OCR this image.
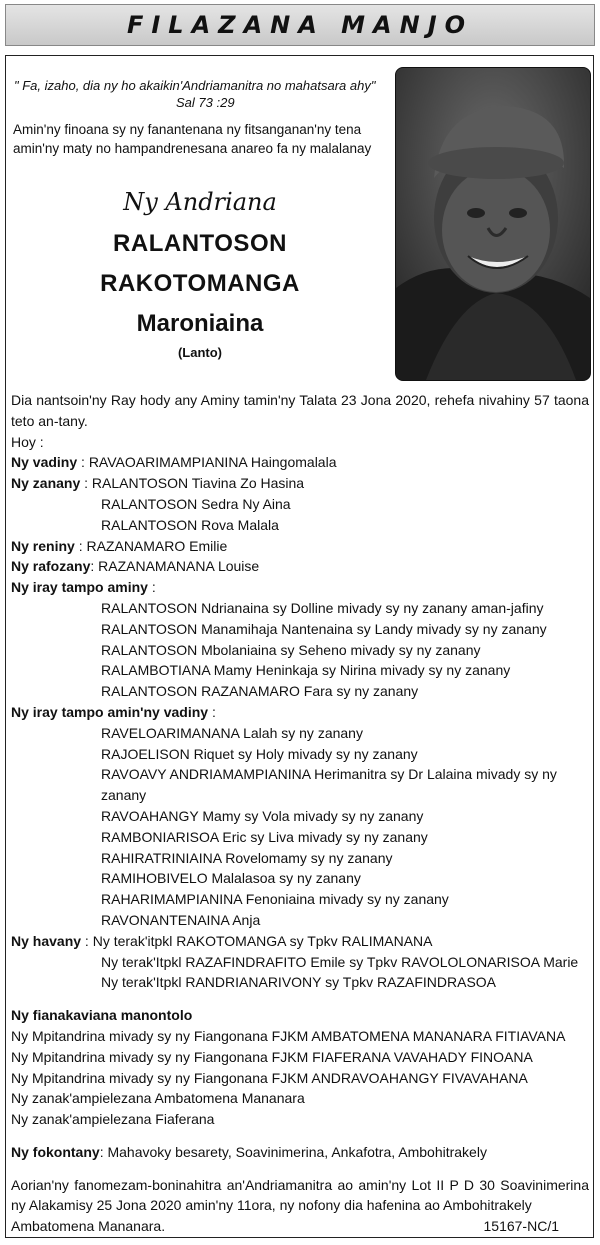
FILAZANA MANJO
" Fa, izaho, dia ny ho akaikin'Andriamanitra no mahatsara ahy"
Sal 73 :29
Amin'ny finoana sy ny fanantenana ny fitsanganan'ny tena amin'ny maty no hampandrenesana anareo fa ny malalanay
Ny Andriana
RALANTOSON
RAKOTOMANGA
Maroniaina
(Lanto)

Dia nantsoin'ny Ray hody any Aminy tamin'ny Talata 23 Jona 2020, rehefa nivahiny 57 taona teto an-tany.

Hoy :

Ny vadiny : RAVAOARIMAMPIANINA Haingomalala

Ny zanany : RALANTOSON Tiavina Zo Hasina

RALANTOSON Sedra Ny Aina

RALANTOSON Rova Malala

Ny reniny : RAZANAMARO Emilie

Ny rafozany: RAZANAMANANA Louise

Ny iray tampo aminy :

RALANTOSON Ndrianaina sy Dolline mivady sy ny zanany aman-jafiny

RALANTOSON Manamihaja Nantenaina sy Landy mivady sy ny zanany

RALANTOSON Mbolaniaina sy Seheno mivady sy ny zanany

RALAMBOTIANA Mamy Heninkaja sy Nirina mivady sy ny zanany

RALANTOSON RAZANAMARO Fara sy ny zanany

Ny iray tampo amin'ny vadiny :

RAVELOARIMANANA Lalah sy ny zanany

RAJOELISON Riquet sy Holy mivady sy ny zanany

RAVOAVY ANDRIAMAMPIANINA Herimanitra sy Dr Lalaina mivady sy ny zanany

RAVOAHANGY Mamy sy Vola mivady sy ny zanany

RAMBONIARISOA Eric sy Liva mivady sy ny zanany

RAHIRATRINIAINA Rovelomamy sy ny zanany

RAMIHOBIVELO Malalasoa sy ny zanany

RAHARIMAMPIANINA Fenoniaina mivady sy ny zanany

RAVONANTENAINA Anja

Ny havany : Ny terak'itpkl RAKOTOMANGA sy Tpkv RALIMANANA

Ny terak'Itpkl RAZAFINDRAFITO Emile sy Tpkv RAVOLOLONARISOA Marie

Ny terak'Itpkl RANDRIANARIVONY sy Tpkv RAZAFINDRASOA

Ny fianakaviana manontolo

Ny Mpitandrina mivady sy ny Fiangonana FJKM AMBATOMENA MANANARA FITIAVANA

Ny Mpitandrina mivady sy ny Fiangonana FJKM FIAFERANA VAVAHADY FINOANA

Ny Mpitandrina mivady sy ny Fiangonana FJKM ANDRAVOAHANGY FIVAVAHANA

Ny zanak'ampielezana Ambatomena Mananara

Ny zanak'ampielezana Fiaferana

Ny fokontany: Mahavoky besarety, Soavinimerina, Ankafotra, Ambohitrakely

Aorian'ny fanomezam-boninahitra an'Andriamanitra ao amin'ny Lot II P D 30 Soavinimerina ny Alakamisy 25 Jona 2020 amin'ny 11ora, ny nofony dia hafenina ao Ambohitrakely

Ambatomena Mananara.	15167-NC/1
